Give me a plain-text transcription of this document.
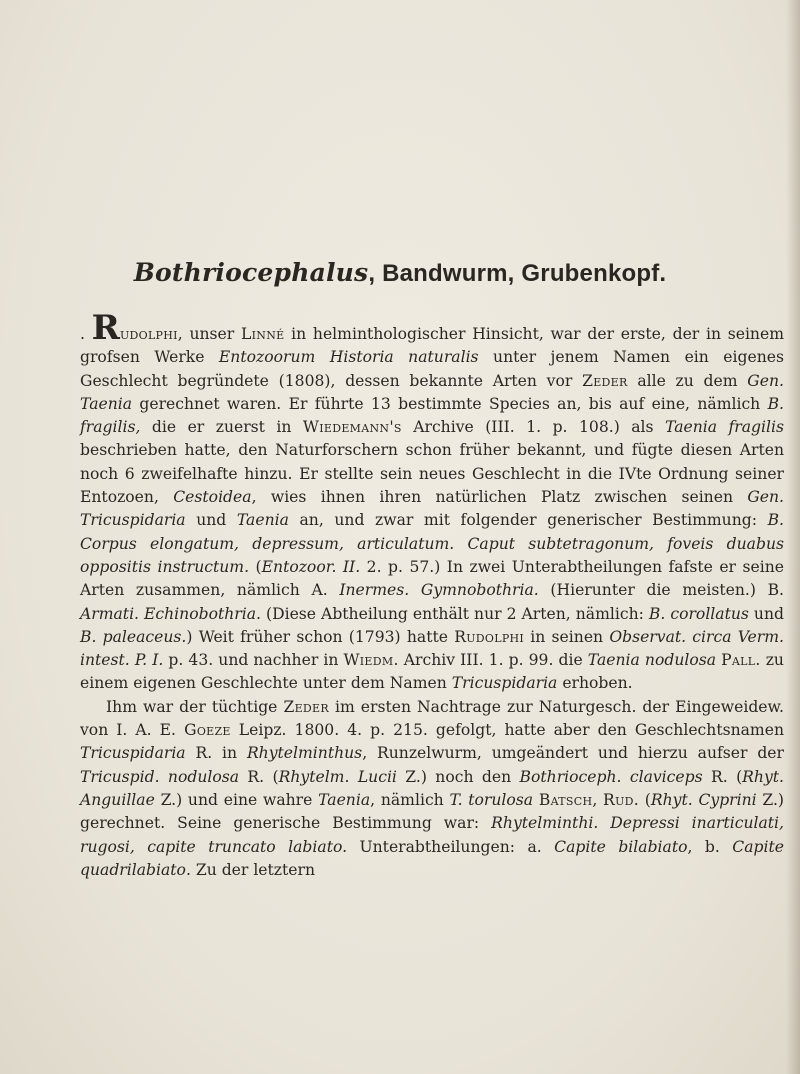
Bothriocephalus, Bandwurm, Grubenkopf.

. Rudolphi, unser Linné in helminthologischer Hinsicht, war der erste, der in seinem grofsen Werke Entozoorum Historia naturalis unter jenem Namen ein eigenes Geschlecht begründete (1808), dessen bekannte Arten vor Zeder alle zu dem Gen. Taenia gerechnet waren. Er führte 13 bestimmte Species an, bis auf eine, nämlich B. fragilis, die er zuerst in Wiedemann's Archive (III. 1. p. 108.) als Taenia fragilis beschrieben hatte, den Naturforschern schon früher bekannt, und fügte diesen Arten noch 6 zweifelhafte hinzu. Er stellte sein neues Geschlecht in die IVte Ordnung seiner Entozoen, Cestoidea, wies ihnen ihren natürlichen Platz zwischen seinen Gen. Tricuspidaria und Taenia an, und zwar mit folgender generischer Bestimmung: B. Corpus elongatum, depressum, articulatum. Caput subtetragonum, foveis duabus oppositis instructum. (Entozoor. II. 2. p. 57.) In zwei Unterabtheilungen fafste er seine Arten zusammen, nämlich A. Inermes. Gymnobothria. (Hierunter die meisten.) B. Armati. Echinobothria. (Diese Abtheilung enthält nur 2 Arten, nämlich: B. corollatus und B. paleaceus.) Weit früher schon (1793) hatte Rudolphi in seinen Observat. circa Verm. intest. P. I. p. 43. und nachher in Wiedm. Archiv III. 1. p. 99. die Taenia nodulosa Pall. zu einem eigenen Geschlechte unter dem Namen Tricuspidaria erhoben.

Ihm war der tüchtige Zeder im ersten Nachtrage zur Naturgesch. der Eingeweidew. von I. A. E. Goeze Leipz. 1800. 4. p. 215. gefolgt, hatte aber den Geschlechtsnamen Tricuspidaria R. in Rhytelminthus, Runzelwurm, umgeändert und hierzu aufser der Tricuspid. nodulosa R. (Rhytelm. Lucii Z.) noch den Bothrioceph. claviceps R. (Rhyt. Anguillae Z.) und eine wahre Taenia, nämlich T. torulosa Batsch, Rud. (Rhyt. Cyprini Z.) gerechnet. Seine generische Bestimmung war: Rhytelminthi. Depressi inarticulati, rugosi, capite truncato labiato. Unterabtheilungen: a. Capite bilabiato, b. Capite quadrilabiato. Zu der letztern
